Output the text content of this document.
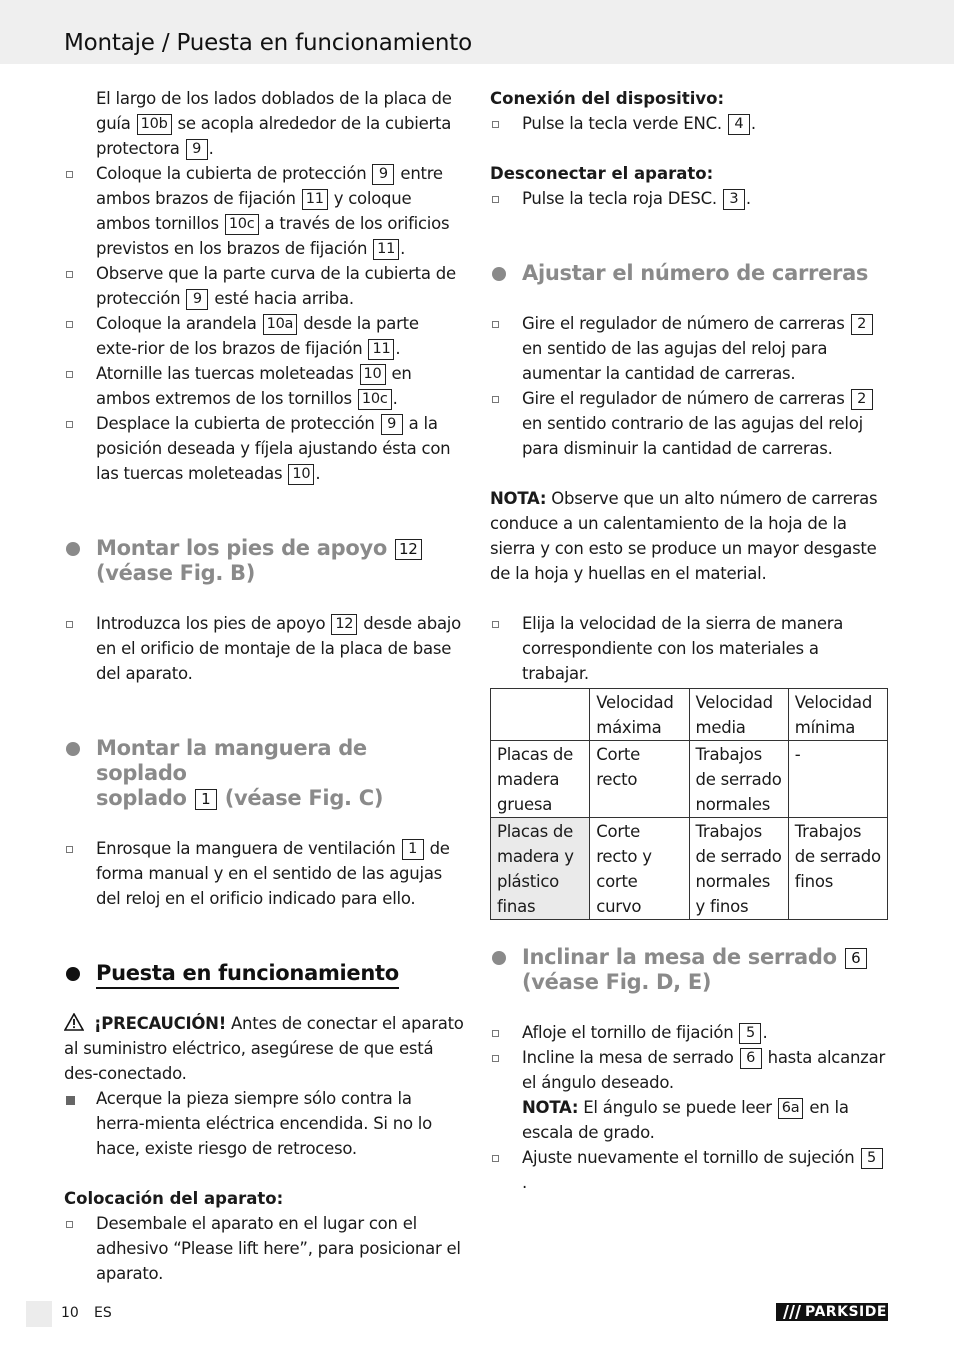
Montaje / Puesta en funcionamiento
El largo de los lados doblados de la placa de guía 10b se acopla alrededor de la cubierta protectora 9 .
Coloque la cubierta de protección 9 entre ambos brazos de fijación 11 y coloque ambos tornillos 10c a través de los orificios previstos en los brazos de fijación 11 .
Observe que la parte curva de la cubierta de protección 9 esté hacia arriba.
Coloque la arandela 10a desde la parte exte-rior de los brazos de fijación 11 .
Atornille las tuercas moleteadas 10 en ambos extremos de los tornillos 10c .
Desplace la cubierta de protección 9 a la posición deseada y fíjela ajustando ésta con las tuercas moleteadas 10 .
Montar los pies de apoyo 12
(véase Fig. B)
Introduzca los pies de apoyo 12 desde abajo en el orificio de montaje de la placa de base del aparato.
Montar la manguera de soplado
soplado 1 (véase Fig. C)
Enrosque la manguera de ventilación 1 de forma manual y en el sentido de las agujas del reloj en el orificio indicado para ello.
Puesta en funcionamiento
¡PRECAUCIÓN! Antes de conectar el aparato al suministro eléctrico, asegúrese de que está des-conectado.
Acerque la pieza siempre sólo contra la herra-mienta eléctrica encendida. Si no lo hace, existe riesgo de retroceso.
Colocación del aparato:
Desembale el aparato en el lugar con el adhesivo “Please lift here”, para posicionar el aparato.
Conexión del dispositivo:
Pulse la tecla verde ENC. 4 .
Desconectar el aparato:
Pulse la tecla roja DESC. 3 .
Ajustar el número de carreras
Gire el regulador de número de carreras 2 en sentido de las agujas del reloj para aumentar la cantidad de carreras.
Gire el regulador de número de carreras 2 en sentido contrario de las agujas del reloj para disminuir la cantidad de carreras.
NOTA: Observe que un alto número de carreras conduce a un calentamiento de la hoja de la sierra y con esto se produce un mayor desgaste de la hoja y huellas en el material.
Elija la velocidad de la sierra de manera correspondiente con los materiales a trabajar.
	Velocidad máxima	Velocidad media	Velocidad mínima
Placas de madera gruesa	Corte recto	Trabajos de serrado normales	-
Placas de madera y plástico finas	Corte recto y corte curvo	Trabajos de serrado normales y finos	Trabajos de serrado finos
Inclinar la mesa de serrado 6
(véase Fig. D, E)
Afloje el tornillo de fijación 5 .
Incline la mesa de serrado 6 hasta alcanzar el ángulo deseado.
NOTA: El ángulo se puede leer 6a en la escala de grado.
Ajuste nuevamente el tornillo de sujeción 5.
10 ES	PARKSIDE
